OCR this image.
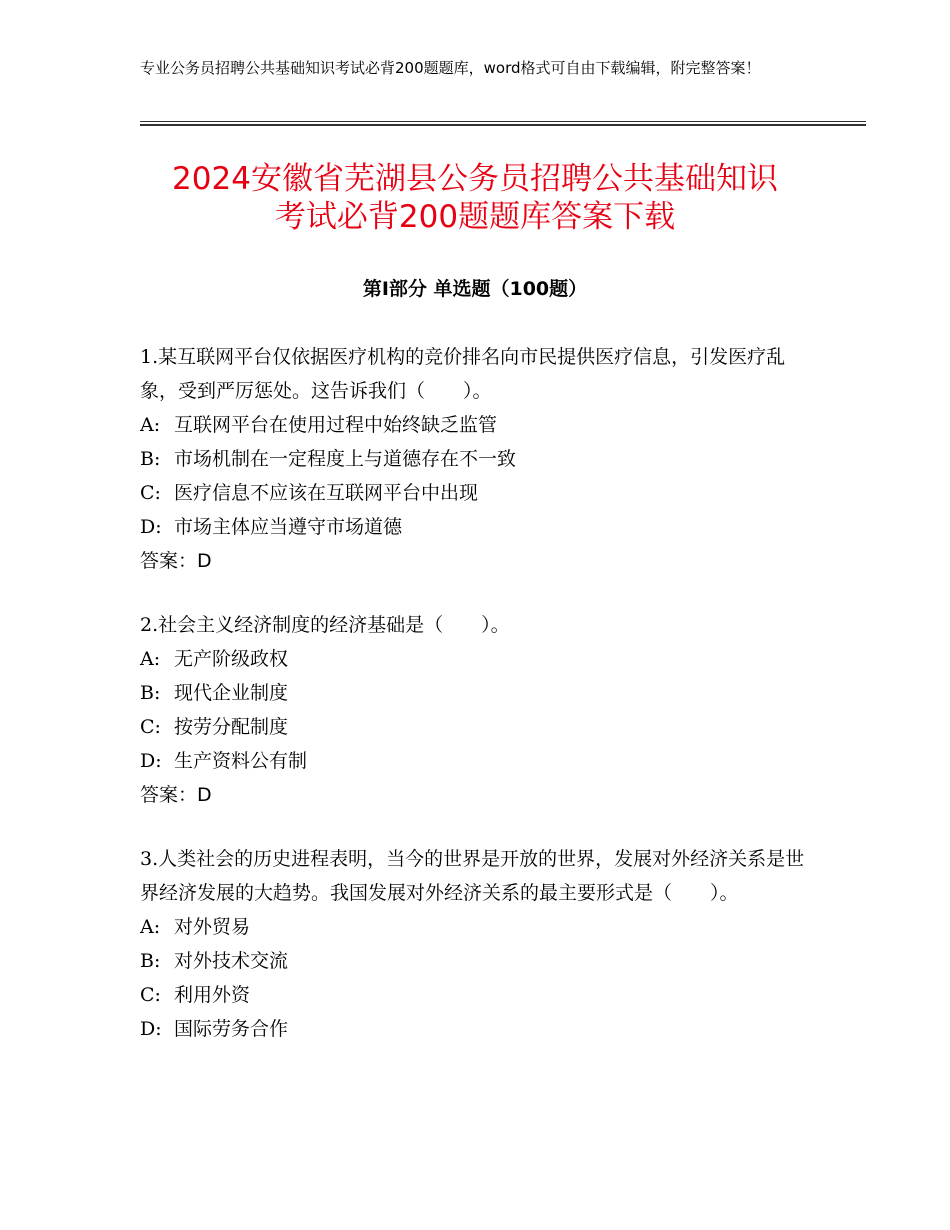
专业公务员招聘公共基础知识考试必背200题题库，word格式可自由下载编辑，附完整答案！
2024安徽省芜湖县公务员招聘公共基础知识
考试必背200题题库答案下载
第Ⅰ部分 单选题（100题）

1.某互联网平台仅依据医疗机构的竞价排名向市民提供医疗信息，引发医疗乱象，受到严厉惩处。这告诉我们（　　）。

A: 互联网平台在使用过程中始终缺乏监管

B: 市场机制在一定程度上与道德存在不一致

C: 医疗信息不应该在互联网平台中出现

D: 市场主体应当遵守市场道德

答案：D

2.社会主义经济制度的经济基础是（　　）。

A: 无产阶级政权

B: 现代企业制度

C: 按劳分配制度

D: 生产资料公有制

答案：D

3.人类社会的历史进程表明，当今的世界是开放的世界，发展对外经济关系是世界经济发展的大趋势。我国发展对外经济关系的最主要形式是（　　）。

A: 对外贸易

B: 对外技术交流

C: 利用外资

D: 国际劳务合作
